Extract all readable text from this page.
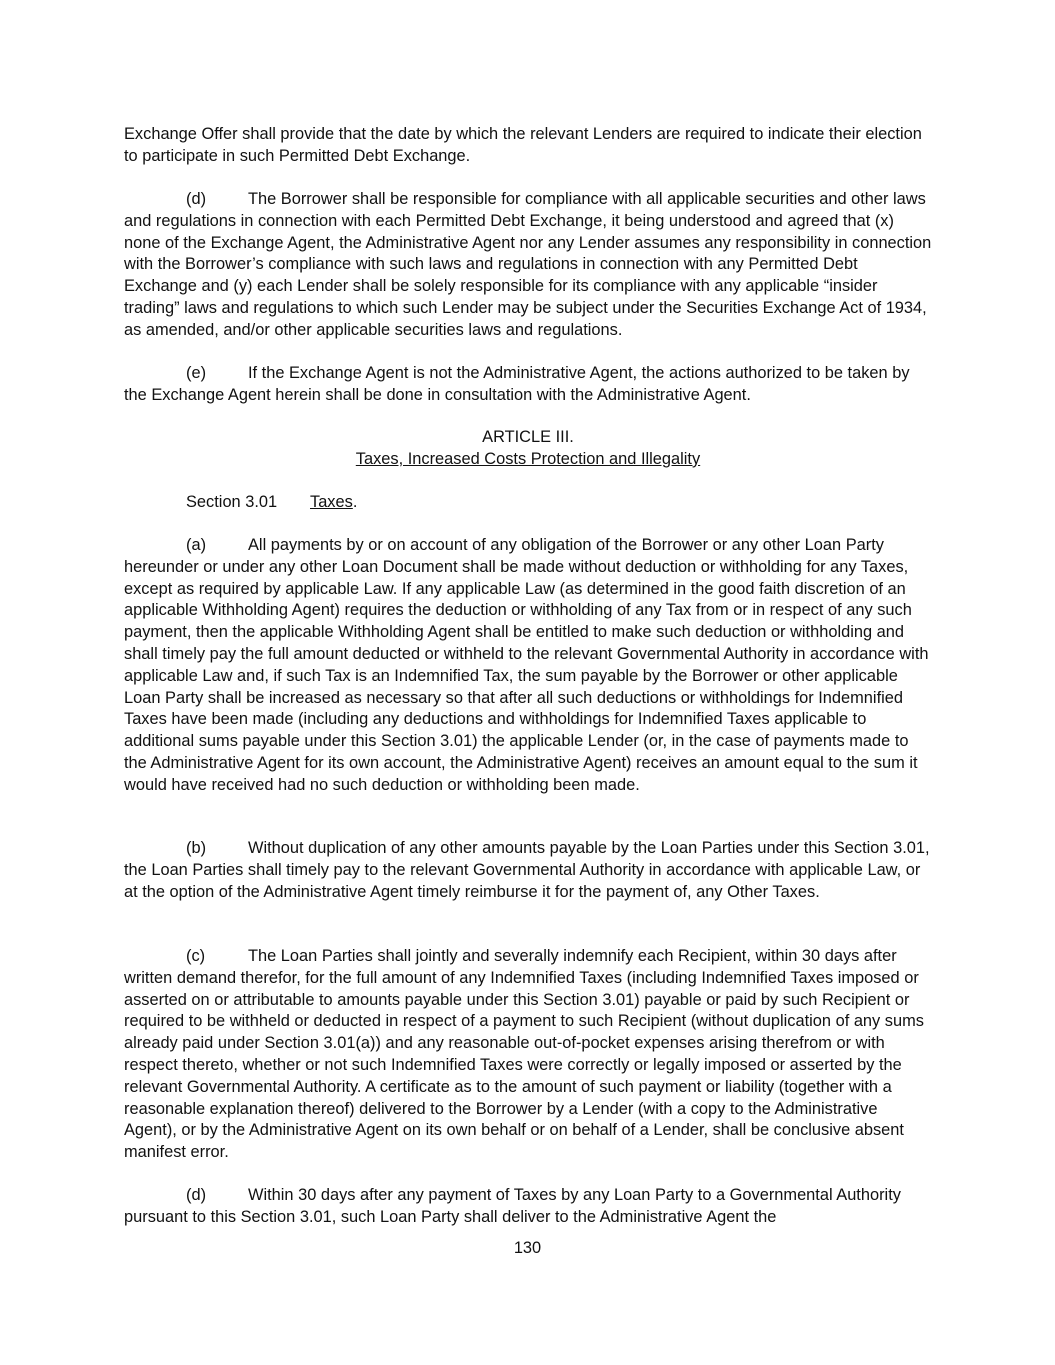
Exchange Offer shall provide that the date by which the relevant Lenders are required to indicate their election to participate in such Permitted Debt Exchange.

(d)	The Borrower shall be responsible for compliance with all applicable securities and other laws and regulations in connection with each Permitted Debt Exchange, it being understood and agreed that (x) none of the Exchange Agent, the Administrative Agent nor any Lender assumes any responsibility in connection with the Borrower’s compliance with such laws and regulations in connection with any Permitted Debt Exchange and (y) each Lender shall be solely responsible for its compliance with any applicable “insider trading” laws and regulations to which such Lender may be subject under the Securities Exchange Act of 1934, as amended, and/or other applicable securities laws and regulations.

(e)	If the Exchange Agent is not the Administrative Agent, the actions authorized to be taken by the Exchange Agent herein shall be done in consultation with the Administrative Agent.

ARTICLE III.
Taxes, Increased Costs Protection and Illegality
Section 3.01 Taxes.

(a)	All payments by or on account of any obligation of the Borrower or any other Loan Party hereunder or under any other Loan Document shall be made without deduction or withholding for any Taxes, except as required by applicable Law. If any applicable Law (as determined in the good faith discretion of an applicable Withholding Agent) requires the deduction or withholding of any Tax from or in respect of any such payment, then the applicable Withholding Agent shall be entitled to make such deduction or withholding and shall timely pay the full amount deducted or withheld to the relevant Governmental Authority in accordance with applicable Law and, if such Tax is an Indemnified Tax, the sum payable by the Borrower or other applicable Loan Party shall be increased as necessary so that after all such deductions or withholdings for Indemnified Taxes have been made (including any deductions and withholdings for Indemnified Taxes applicable to additional sums payable under this Section 3.01) the applicable Lender (or, in the case of payments made to the Administrative Agent for its own account, the Administrative Agent) receives an amount equal to the sum it would have received had no such deduction or withholding been made.

(b)	Without duplication of any other amounts payable by the Loan Parties under this Section 3.01, the Loan Parties shall timely pay to the relevant Governmental Authority in accordance with applicable Law, or at the option of the Administrative Agent timely reimburse it for the payment of, any Other Taxes.

(c)	The Loan Parties shall jointly and severally indemnify each Recipient, within 30 days after written demand therefor, for the full amount of any Indemnified Taxes (including Indemnified Taxes imposed or asserted on or attributable to amounts payable under this Section 3.01) payable or paid by such Recipient or required to be withheld or deducted in respect of a payment to such Recipient (without duplication of any sums already paid under Section 3.01(a)) and any reasonable out-of-pocket expenses arising therefrom or with respect thereto, whether or not such Indemnified Taxes were correctly or legally imposed or asserted by the relevant Governmental Authority. A certificate as to the amount of such payment or liability (together with a reasonable explanation thereof) delivered to the Borrower by a Lender (with a copy to the Administrative Agent), or by the Administrative Agent on its own behalf or on behalf of a Lender, shall be conclusive absent manifest error.

(d)	Within 30 days after any payment of Taxes by any Loan Party to a Governmental Authority pursuant to this Section 3.01, such Loan Party shall deliver to the Administrative Agent the

130
